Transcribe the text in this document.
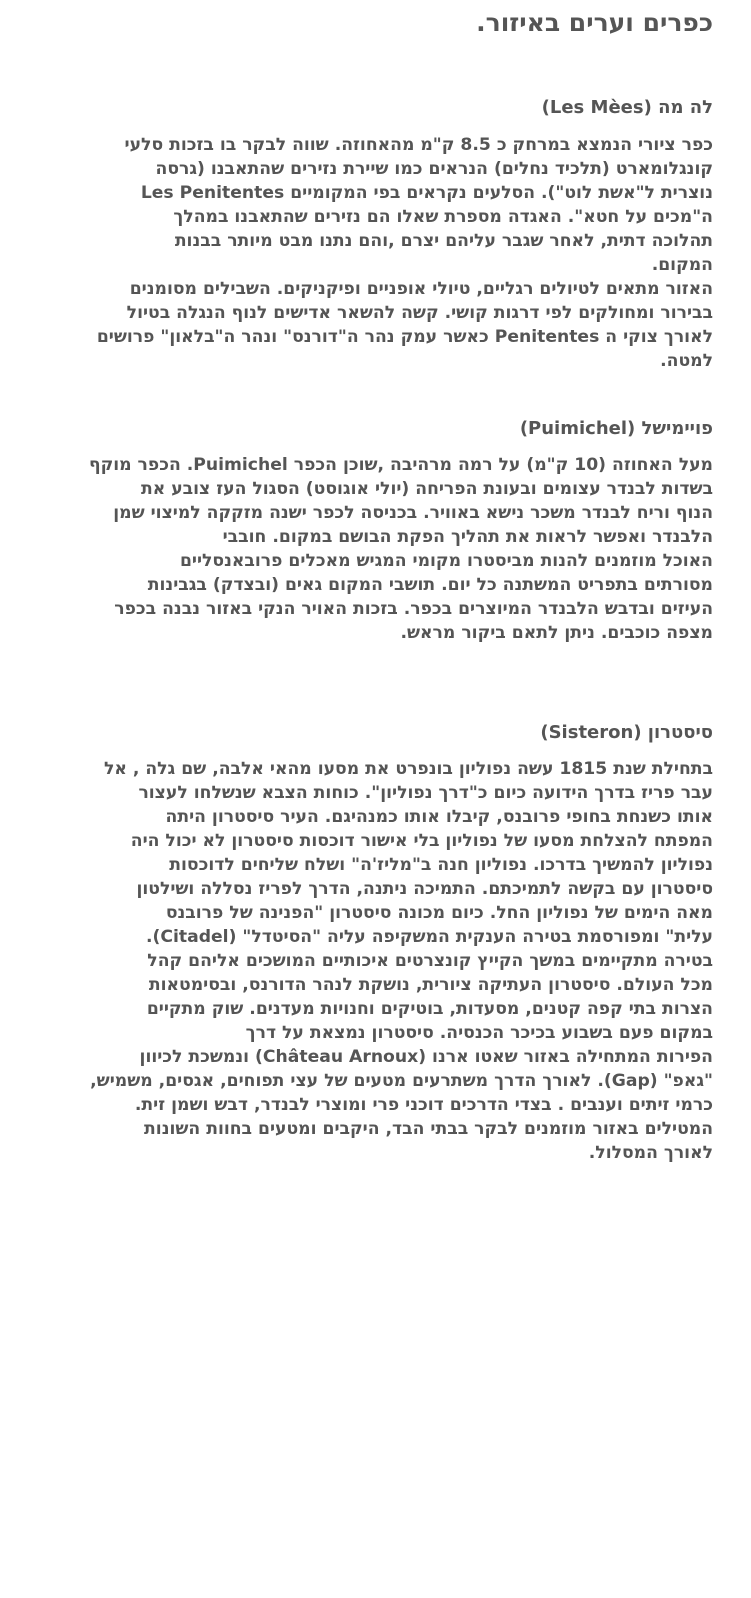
כפרים וערים באיזור.
לה מה (Les Mèes)
כפר ציורי הנמצא במרחק כ 8.5 ק"מ מהאחוזה. שווה לבקר בו בזכות סלעי
קונגלומארט (תלכיד נחלים) הנראים כמו שיירת נזירים שהתאבנו (גרסה
נוצרית ל"אשת לוט"). הסלעים נקראים בפי המקומיים Les Penitentes
ה"מכים על חטא". האגדה מספרת שאלו הם נזירים שהתאבנו במהלך
תהלוכה דתית, לאחר שגבר עליהם יצרם ,והם נתנו מבט מיותר בבנות
המקום.
האזור מתאים לטיולים רגליים, טיולי אופניים ופיקניקים. השבילים מסומנים
בבירור ומחולקים לפי דרגות קושי. קשה להשאר אדישים לנוף הנגלה בטיול
לאורך צוקי ה Penitentes כאשר עמק נהר ה"דורנס" ונהר ה"בלאון" פרושים
למטה.
פויימישל (Puimichel)
מעל האחוזה (10 ק"מ) על רמה מרהיבה ,שוכן הכפר Puimichel. הכפר מוקף
בשדות לבנדר עצומים ובעונת הפריחה (יולי אוגוסט) הסגול העז צובע את
הנוף וריח לבנדר משכר נישא באוויר. בכניסה לכפר ישנה מזקקה למיצוי שמן
הלבנדר ואפשר לראות את תהליך הפקת הבושם במקום. חובבי
האוכל מוזמנים להנות מביסטרו מקומי המגיש מאכלים פרובאנסליים
מסורתים בתפריט המשתנה כל יום. תושבי המקום גאים (ובצדק) בגבינות
העיזים ובדבש הלבנדר המיוצרים בכפר. בזכות האויר הנקי באזור נבנה בכפר
מצפה כוכבים. ניתן לתאם ביקור מראש.
סיסטרון (Sisteron)
בתחילת שנת 1815 עשה נפוליון בונפרט את מסעו מהאי אלבה, שם גלה , אל
עבר פריז בדרך הידועה כיום כ"דרך נפוליון". כוחות הצבא שנשלחו לעצור
אותו כשנחת בחופי פרובנס, קיבלו אותו כמנהיגם. העיר סיסטרון היתה
המפתח להצלחת מסעו של נפוליון בלי אישור דוכסות סיסטרון לא יכול היה
נפוליון להמשיך בדרכו. נפוליון חנה ב"מליז'ה" ושלח שליחים לדוכסות
סיסטרון עם בקשה לתמיכתם. התמיכה ניתנה, הדרך לפריז נסללה ושילטון
מאה הימים של נפוליון החל. כיום מכונה סיסטרון "הפנינה של פרובנס
עלית" ומפורסמת בטירה הענקית המשקיפה עליה "הסיטדל" (Citadel).
בטירה מתקיימים במשך הקייץ קונצרטים איכותיים המושכים אליהם קהל
מכל העולם. סיסטרון העתיקה ציורית, נושקת לנהר הדורנס, ובסימטאות
הצרות בתי קפה קטנים, מסעדות, בוטיקים וחנויות מעדנים. שוק מתקיים
במקום פעם בשבוע בכיכר הכנסיה. סיסטרון נמצאת על דרך
הפירות המתחילה באזור שאטו ארנו (Château Arnoux) ונמשכת לכיוון
"גאפ" (Gap). לאורך הדרך משתרעים מטעים של עצי תפוחים, אגסים, משמיש,
כרמי זיתים וענבים . בצדי הדרכים דוכני פרי ומוצרי לבנדר, דבש ושמן זית.
המטילים באזור מוזמנים לבקר בבתי הבד, היקבים ומטעים בחוות השונות
לאורך המסלול.
